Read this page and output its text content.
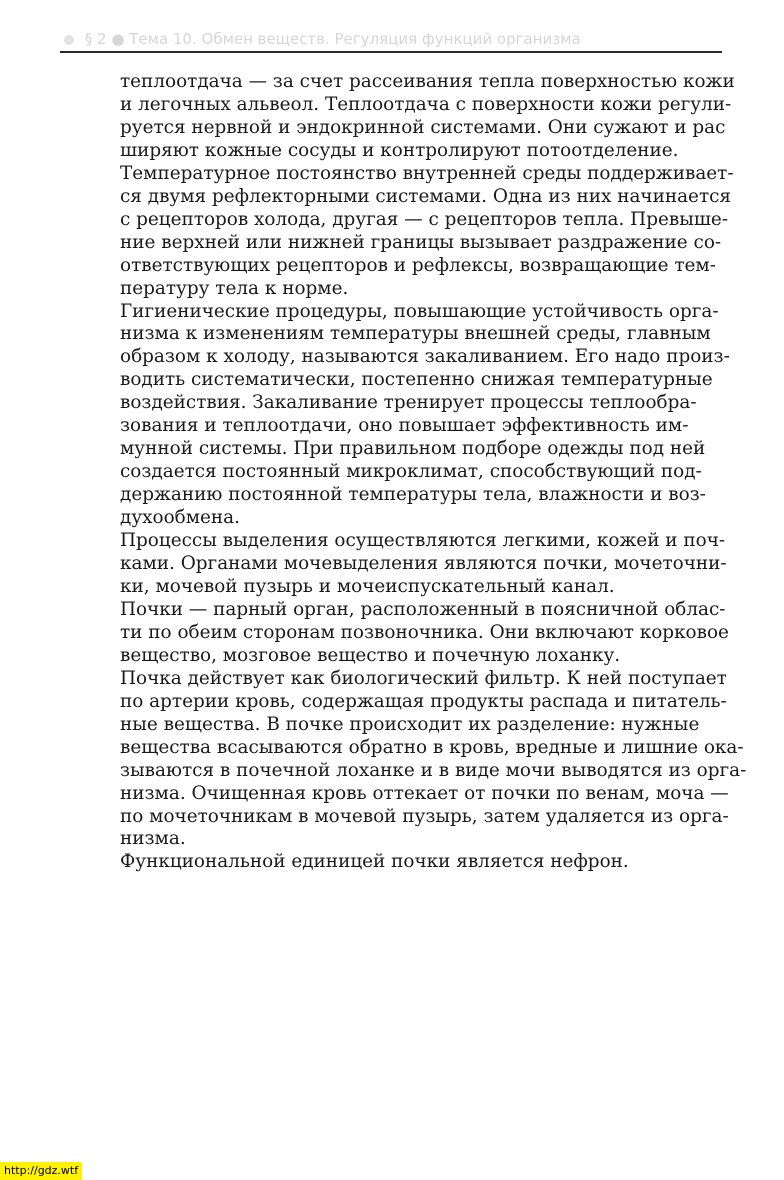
§ 2 ● Тема 10. Обмен веществ. Регуляция функций организма
теплоотдача — за счет рассеивания тепла поверхностью кожи
и легочных альвеол. Теплоотдача с поверхности кожи регули-
руется нервной и эндокринной системами. Они сужают и рас
ширяют кожные сосуды и контролируют потоотделение.
Температурное постоянство внутренней среды поддерживает-
ся двумя рефлекторными системами. Одна из них начинается
с рецепторов холода, другая — с рецепторов тепла. Превыше-
ние верхней или нижней границы вызывает раздражение со-
ответствующих рецепторов и рефлексы, возвращающие тем-
пературу тела к норме.
Гигиенические процедуры, повышающие устойчивость орга-
низма к изменениям температуры внешней среды, главным
образом к холоду, называются закаливанием. Его надо произ-
водить систематически, постепенно снижая температурные
воздействия. Закаливание тренирует процессы теплообра-
зования и теплоотдачи, оно повышает эффективность им-
мунной системы. При правильном подборе одежды под ней
создается постоянный микроклимат, способствующий под-
держанию постоянной температуры тела, влажности и воз-
духообмена.
Процессы выделения осуществляются легкими, кожей и поч-
ками. Органами мочевыделения являются почки, мочеточни-
ки, мочевой пузырь и мочеиспускательный канал.
Почки — парный орган, расположенный в поясничной облас-
ти по обеим сторонам позвоночника. Они включают корковое
вещество, мозговое вещество и почечную лоханку.
Почка действует как биологический фильтр. К ней поступает
по артерии кровь, содержащая продукты распада и питатель-
ные вещества. В почке происходит их разделение: нужные
вещества всасываются обратно в кровь, вредные и лишние ока-
зываются в почечной лоханке и в виде мочи выводятся из орга-
низма. Очищенная кровь оттекает от почки по венам, моча —
по мочеточникам в мочевой пузырь, затем удаляется из орга-
низма.
Функциональной единицей почки является нефрон.
http://gdz.wtf
